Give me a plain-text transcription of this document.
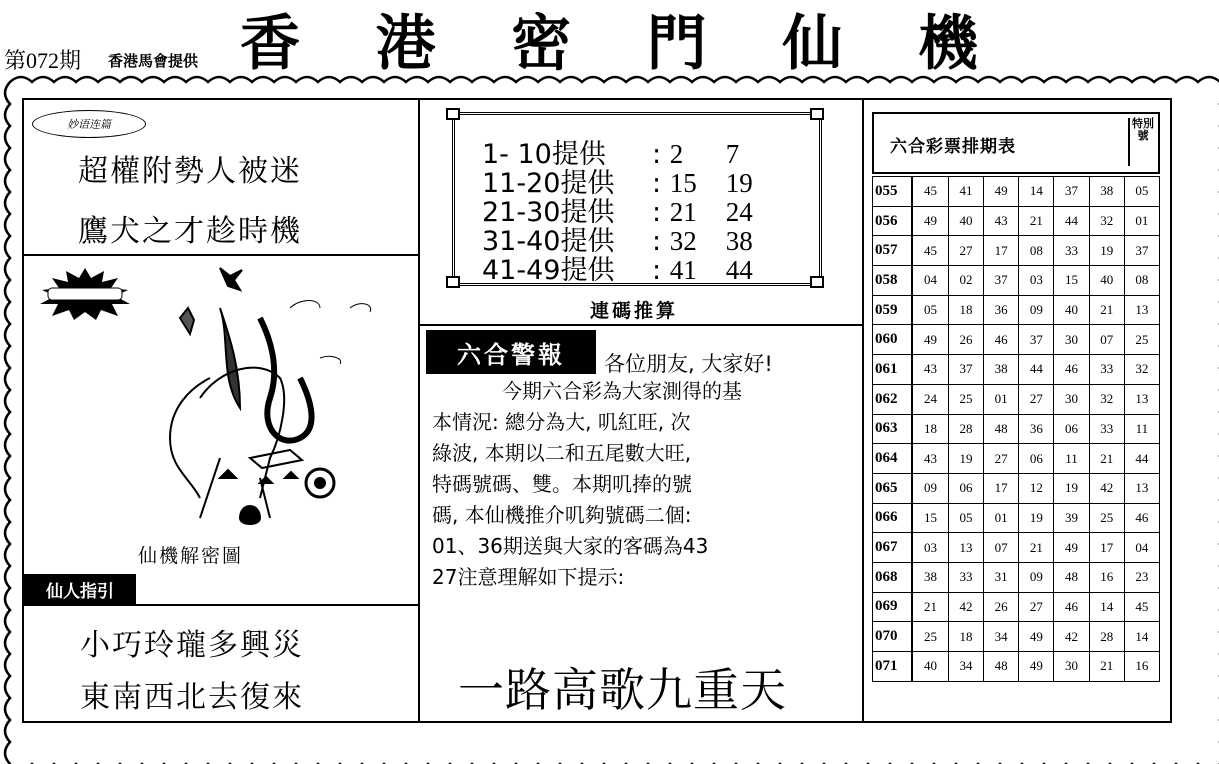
第072期 香港馬會提供 香 港 密 門 仙 機
妙语连篇
超權附勢人被迷
鷹犬之才趁時機
仙機解密圖
仙人指引
小巧玲瓏多興災
東南西北去復來
1- 10提供 : 2 7
11-20提供 : 15 19
21-30提供 : 21 24
31-40提供 : 32 38
41-49提供 : 41 44
連碼推算
六合警報	各位朋友, 大家好!
今期六合彩為大家測得的基
本情況: 總分為大, 叽紅旺, 次
綠波, 本期以二和五尾數大旺,
特碼號碼、雙。本期叽捧的號
碼, 本仙機推介叽夠號碼二個:
01、36期送與大家的客碼為43
27注意理解如下提示:
一路高歌九重天
六合彩票排期表
特別號
055	45	41	49	14	37	38	05
056	49	40	43	21	44	32	01
057	45	27	17	08	33	19	37
058	04	02	37	03	15	40	08
059	05	18	36	09	40	21	13
060	49	26	46	37	30	07	25
061	43	37	38	44	46	33	32
062	24	25	01	27	30	32	13
063	18	28	48	36	06	33	11
064	43	19	27	06	11	21	44
065	09	06	17	12	19	42	13
066	15	05	01	19	39	25	46
067	03	13	07	21	49	17	04
068	38	33	31	09	48	16	23
069	21	42	26	27	46	14	45
070	25	18	34	49	42	28	14
071	40	34	48	49	30	21	16
